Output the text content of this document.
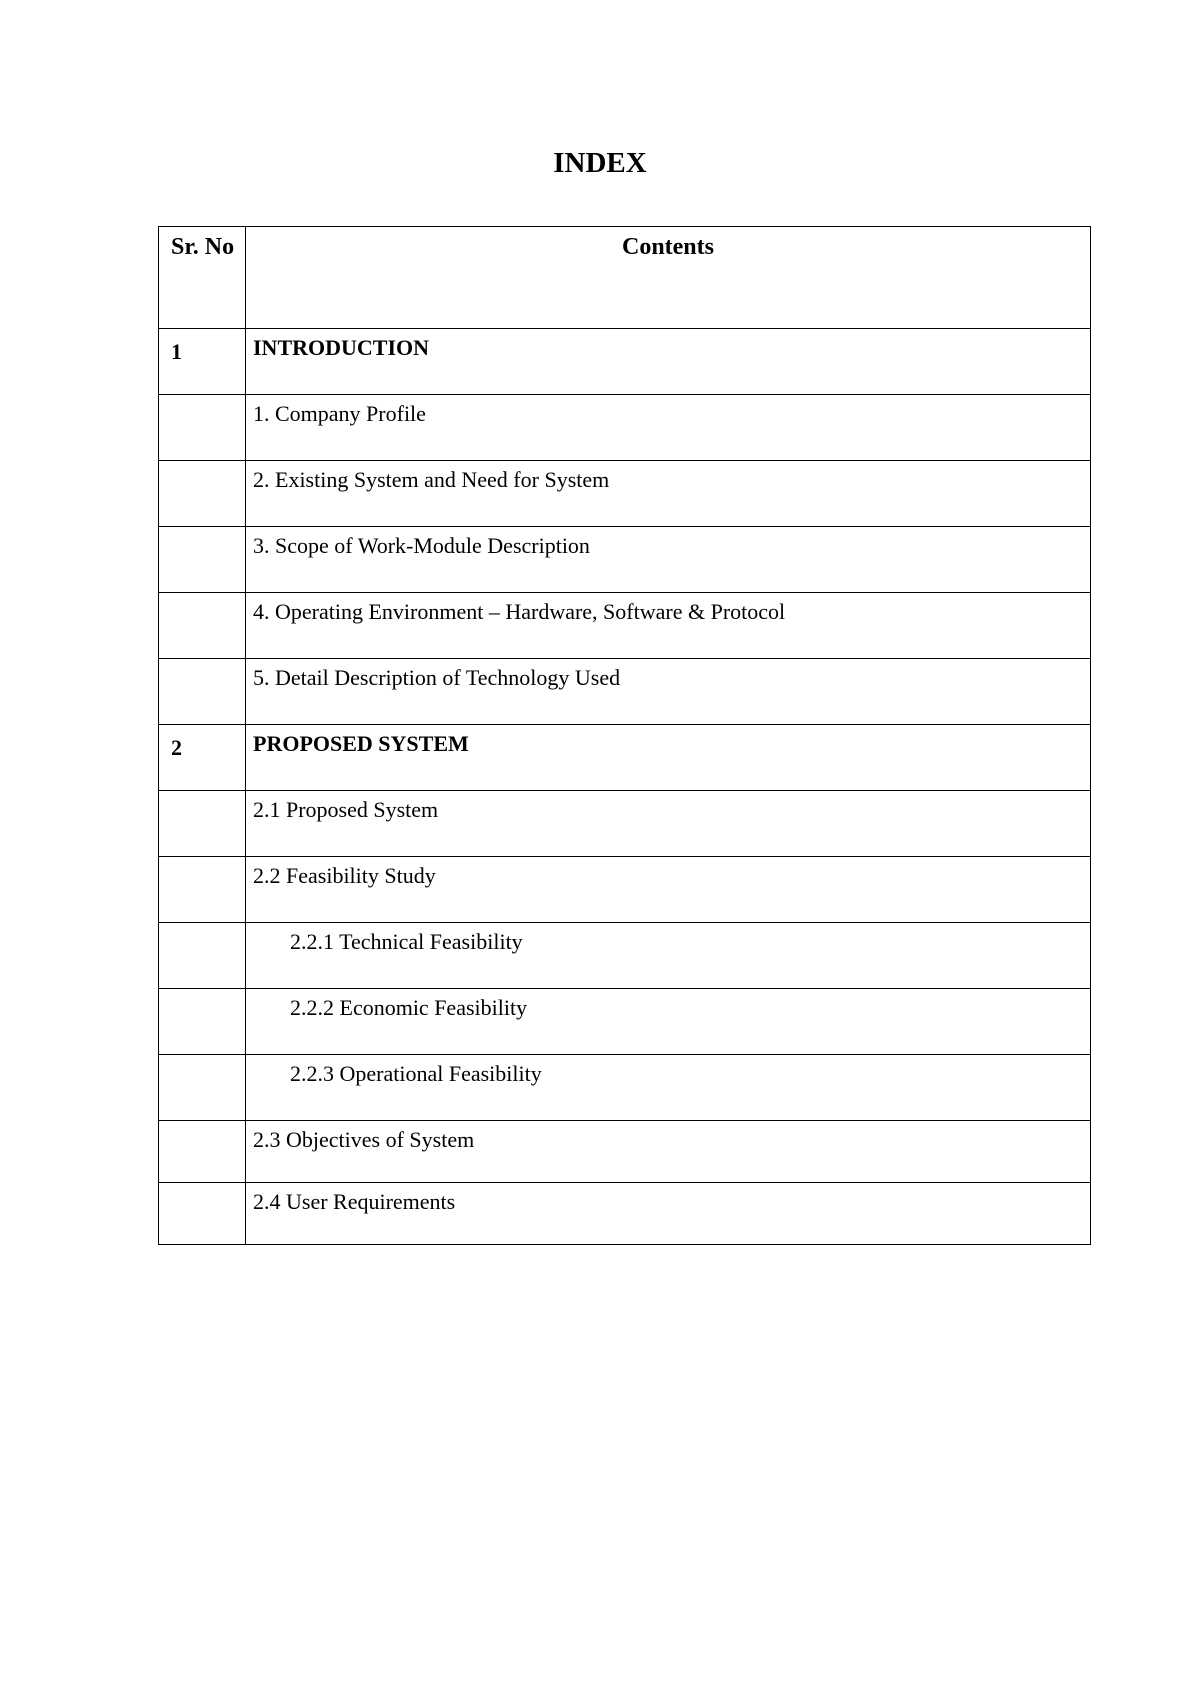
INDEX
Sr. No	Contents
1	INTRODUCTION
	1. Company Profile
	2. Existing System and Need for System
	3. Scope of Work-Module Description
	4. Operating Environment – Hardware, Software & Protocol
	5. Detail Description of Technology Used
2	PROPOSED SYSTEM
	2.1 Proposed System
	2.2 Feasibility Study
	2.2.1 Technical Feasibility
	2.2.2 Economic Feasibility
	2.2.3 Operational Feasibility
	2.3 Objectives of System
	2.4 User Requirements
